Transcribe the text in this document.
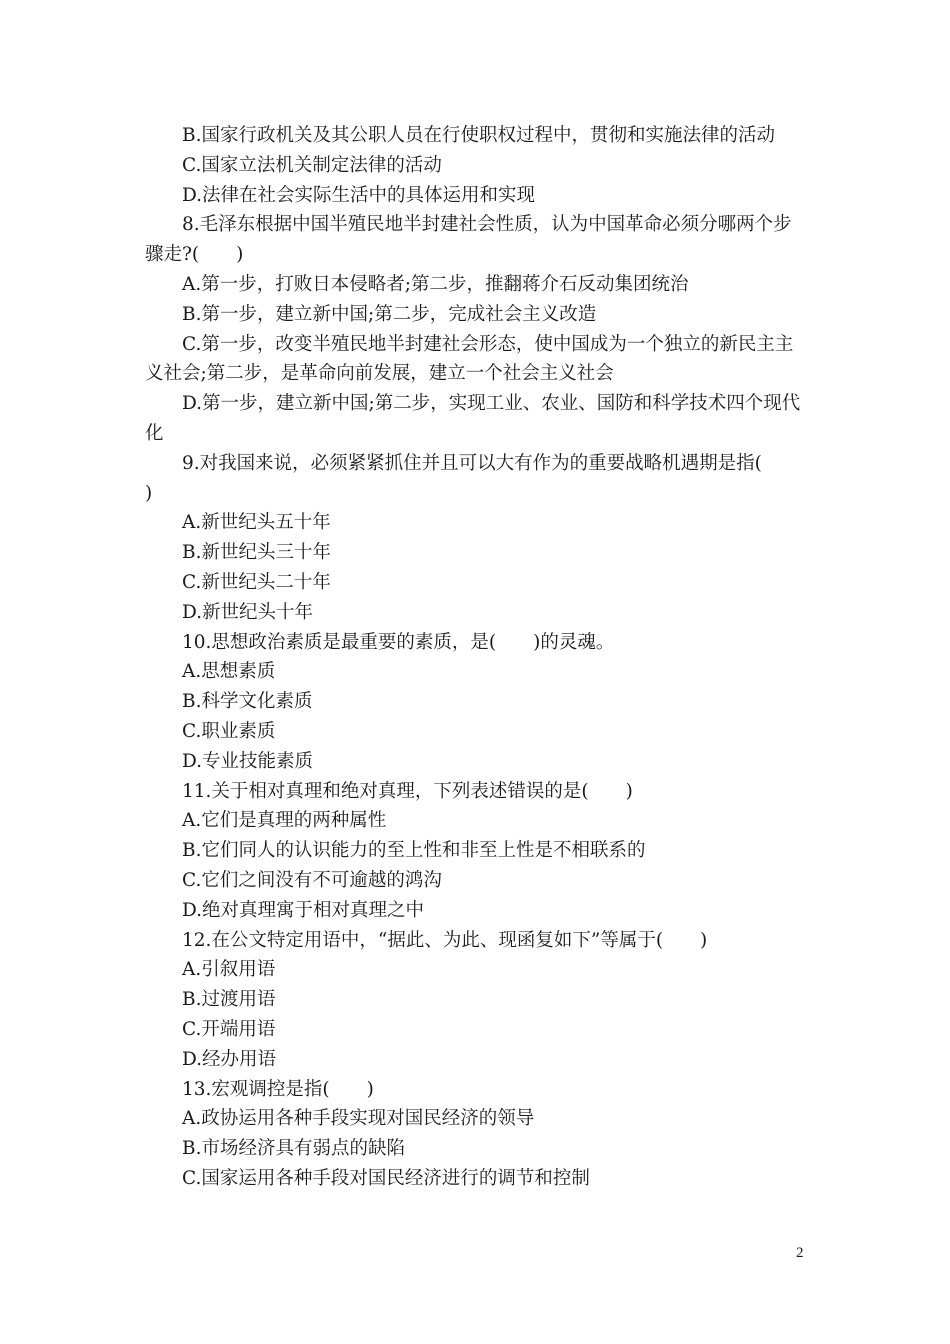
B.国家行政机关及其公职人员在行使职权过程中，贯彻和实施法律的活动

C.国家立法机关制定法律的活动

D.法律在社会实际生活中的具体运用和实现

8.毛泽东根据中国半殖民地半封建社会性质，认为中国革命必须分哪两个步

骤走?(　　)

A.第一步，打败日本侵略者;第二步，推翻蒋介石反动集团统治

B.第一步，建立新中国;第二步，完成社会主义改造

C.第一步，改变半殖民地半封建社会形态，使中国成为一个独立的新民主主

义社会;第二步，是革命向前发展，建立一个社会主义社会

D.第一步，建立新中国;第二步，实现工业、农业、国防和科学技术四个现代

化

9.对我国来说，必须紧紧抓住并且可以大有作为的重要战略机遇期是指(

)

A.新世纪头五十年

B.新世纪头三十年

C.新世纪头二十年

D.新世纪头十年

10.思想政治素质是最重要的素质，是(　　)的灵魂。

A.思想素质

B.科学文化素质

C.职业素质

D.专业技能素质

11.关于相对真理和绝对真理，下列表述错误的是(　　)

A.它们是真理的两种属性

B.它们同人的认识能力的至上性和非至上性是不相联系的

C.它们之间没有不可逾越的鸿沟

D.绝对真理寓于相对真理之中

12.在公文特定用语中，“据此、为此、现函复如下”等属于(　　)

A.引叙用语

B.过渡用语

C.开端用语

D.经办用语

13.宏观调控是指(　　)

A.政协运用各种手段实现对国民经济的领导

B.市场经济具有弱点的缺陷

C.国家运用各种手段对国民经济进行的调节和控制

2
